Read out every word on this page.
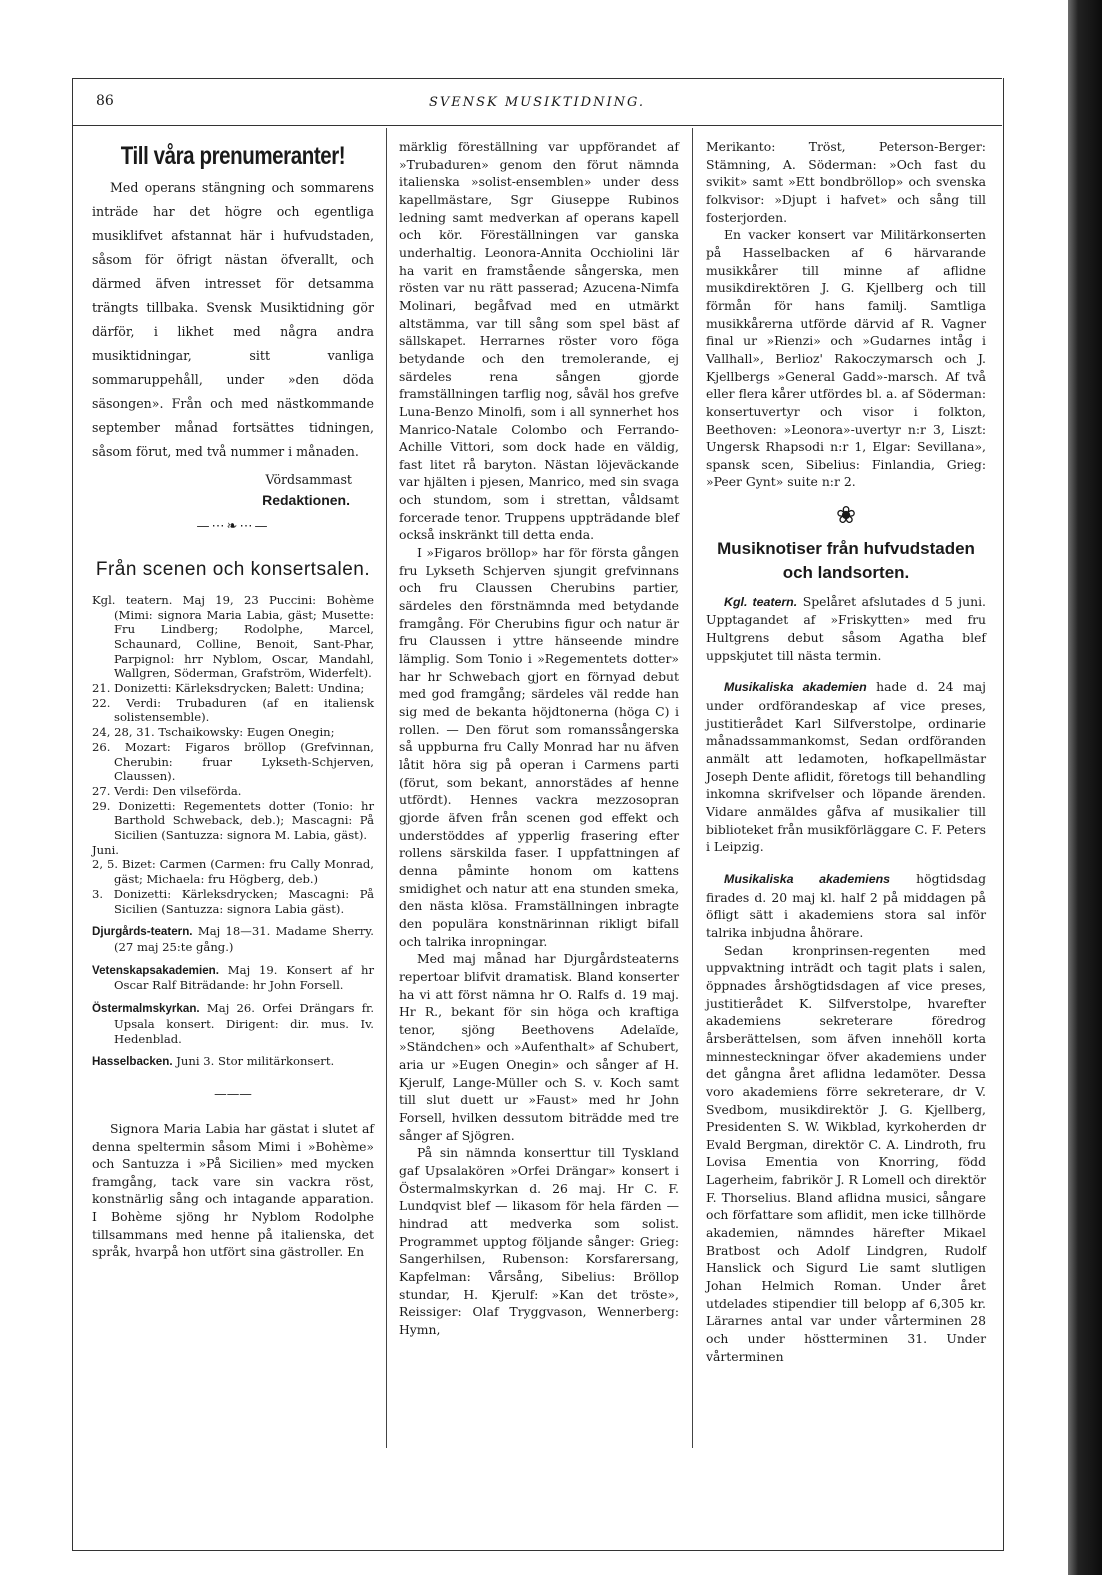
86	SVENSK MUSIKTIDNING.
Till våra prenumeranter!

Med operans stängning och sommarens inträde har det högre och egentliga musiklifvet afstannat här i hufvudstaden, såsom för öfrigt nästan öfverallt, och därmed äfven intresset för detsamma trängts tillbaka. Svensk Musiktidning gör därför, i likhet med några andra musiktidningar, sitt vanliga sommaruppehåll, under »den döda säsongen». Från och med nästkommande september månad fortsättes tidningen, såsom förut, med två nummer i månaden.

Vördsammast

Redaktionen.

—⋯❧⋯—
Från scenen och konsertsalen.

Kgl. teatern. Maj 19, 23 Puccini: Bohème (Mimi: signora Maria Labia, gäst; Musette: Fru Lindberg; Rodolphe, Marcel, Schaunard, Colline, Benoit, Sant-Phar, Parpignol: hrr Nyblom, Oscar, Mandahl, Wallgren, Söderman, Grafström, Widerfelt).

21. Donizetti: Kärleksdrycken; Balett: Undina;

22. Verdi: Trubaduren (af en italiensk solistensemble).

24, 28, 31. Tschaikowsky: Eugen Onegin;

26. Mozart: Figaros bröllop (Grefvinnan, Cherubin: fruar Lykseth-Schjerven, Claussen).

27. Verdi: Den vilseförda.

29. Donizetti: Regementets dotter (Tonio: hr Barthold Schweback, deb.); Mascagni: På Sicilien (Santuzza: signora M. Labia, gäst).

Juni.

2, 5. Bizet: Carmen (Carmen: fru Cally Monrad, gäst; Michaela: fru Högberg, deb.)

3. Donizetti: Kärleksdrycken; Mascagni: På Sicilien (Santuzza: signora Labia gäst).

Djurgårds-teatern. Maj 18—31. Madame Sherry. (27 maj 25:te gång.)

Vetenskapsakademien. Maj 19. Konsert af hr Oscar Ralf Biträdande: hr John Forsell.

Östermalmskyrkan. Maj 26. Orfei Drängars fr. Upsala konsert. Dirigent: dir. mus. Iv. Hedenblad.

Hasselbacken. Juni 3. Stor militärkonsert.

———

Signora Maria Labia har gästat i slutet af denna speltermin såsom Mimi i »Bohème» och Santuzza i »På Sicilien» med mycken framgång, tack vare sin vackra röst, konstnärlig sång och intagande apparation. I Bohème sjöng hr Nyblom Rodolphe tillsammans med henne på italienska, det språk, hvarpå hon utfört sina gästroller. En

märklig föreställning var uppförandet af »Trubaduren» genom den förut nämnda italienska »solist-ensemblen» under dess kapellmästare, Sgr Giuseppe Rubinos ledning samt medverkan af operans kapell och kör. Föreställningen var ganska underhaltig. Leonora-Annita Occhiolini lär ha varit en framstående sångerska, men rösten var nu rätt passerad; Azucena-Nimfa Molinari, begåfvad med en utmärkt altstämma, var till sång som spel bäst af sällskapet. Herrarnes röster voro föga betydande och den tremolerande, ej särdeles rena sången gjorde framställningen tarflig nog, såväl hos grefve Luna-Benzo Minolfi, som i all synnerhet hos Manrico-Natale Colombo och Ferrando-Achille Vittori, som dock hade en väldig, fast litet rå baryton. Nästan löjeväckande var hjälten i pjesen, Manrico, med sin svaga och stundom, som i strettan, våldsamt forcerade tenor. Truppens uppträdande blef också inskränkt till detta enda.

I »Figaros bröllop» har för första gången fru Lykseth Schjerven sjungit grefvinnans och fru Claussen Cherubins partier, särdeles den förstnämnda med betydande framgång. För Cherubins figur och natur är fru Claussen i yttre hänseende mindre lämplig. Som Tonio i »Regementets dotter» har hr Schwebach gjort en förnyad debut med god framgång; särdeles väl redde han sig med de bekanta höjdtonerna (höga C) i rollen. — Den förut som romanssångerska så uppburna fru Cally Monrad har nu äfven låtit höra sig på operan i Carmens parti (förut, som bekant, annorstädes af henne utfördt). Hennes vackra mezzosopran gjorde äfven från scenen god effekt och understöddes af ypperlig frasering efter rollens särskilda faser. I uppfattningen af denna påminte honom om kattens smidighet och natur att ena stunden smeka, den nästa klösa. Framställningen inbragte den populära konstnärinnan rikligt bifall och talrika inropningar.

Med maj månad har Djurgårdsteaterns repertoar blifvit dramatisk. Bland konserter ha vi att först nämna hr O. Ralfs d. 19 maj. Hr R., bekant för sin höga och kraftiga tenor, sjöng Beethovens Adelaïde, »Ständchen» och »Aufenthalt» af Schubert, aria ur »Eugen Onegin» och sånger af H. Kjerulf, Lange-Müller och S. v. Koch samt till slut duett ur »Faust» med hr John Forsell, hvilken dessutom biträdde med tre sånger af Sjögren.

På sin nämnda konserttur till Tyskland gaf Upsalakören »Orfei Drängar» konsert i Östermalmskyrkan d. 26 maj. Hr C. F. Lundqvist blef — likasom för hela färden — hindrad att medverka som solist. Programmet upptog följande sånger: Grieg: Sangerhilsen, Rubenson: Korsfarersang, Kapfelman: Vårsång, Sibelius: Bröllop stundar, H. Kjerulf: »Kan det tröste», Reissiger: Olaf Tryggvason, Wennerberg: Hymn,

Merikanto: Tröst, Peterson-Berger: Stämning, A. Söderman: »Och fast du svikit» samt »Ett bondbröllop» och svenska folkvisor: »Djupt i hafvet» och sång till fosterjorden.

En vacker konsert var Militärkonserten på Hasselbacken af 6 härvarande musikkårer till minne af aflidne musikdirektören J. G. Kjellberg och till förmån för hans familj. Samtliga musikkårerna utförde därvid af R. Vagner final ur »Rienzi» och »Gudarnes intåg i Vallhall», Berlioz' Rakoczymarsch och J. Kjellbergs »General Gadd»-marsch. Af två eller flera kårer utfördes bl. a. af Söderman: konsertuvertyr och visor i folkton, Beethoven: »Leonora»-uvertyr n:r 3, Liszt: Ungersk Rhapsodi n:r 1, Elgar: Sevillana», spansk scen, Sibelius: Finlandia, Grieg: »Peer Gynt» suite n:r 2.

❀
Musiknotiser från hufvudstaden och landsorten.

Kgl. teatern. Spelåret afslutades d 5 juni. Upptagandet af »Friskytten» med fru Hultgrens debut såsom Agatha blef uppskjutet till nästa termin.

Musikaliska akademien hade d. 24 maj under ordförandeskap af vice preses, justitierådet Karl Silfverstolpe, ordinarie månadssammankomst, Sedan ordföranden anmält att ledamoten, hofkapellmästar Joseph Dente aflidit, företogs till behandling inkomna skrifvelser och löpande ärenden. Vidare anmäldes gåfva af musikalier till biblioteket från musikförläggare C. F. Peters i Leipzig.

Musikaliska akademiens högtidsdag firades d. 20 maj kl. half 2 på middagen på öfligt sätt i akademiens stora sal inför talrika inbjudna åhörare.

Sedan kronprinsen-regenten med uppvaktning inträdt och tagit plats i salen, öppnades årshögtidsdagen af vice preses, justitierådet K. Silfverstolpe, hvarefter akademiens sekreterare föredrog årsberättelsen, som äfven innehöll korta minnesteckningar öfver akademiens under det gångna året aflidna ledamöter. Dessa voro akademiens förre sekreterare, dr V. Svedbom, musikdirektör J. G. Kjellberg, Presidenten S. W. Wikblad, kyrkoherden dr Evald Bergman, direktör C. A. Lindroth, fru Lovisa Ementia von Knorring, född Lagerheim, fabrikör J. R Lomell och direktör F. Thorselius. Bland aflidna musici, sångare och författare som aflidit, men icke tillhörde akademien, nämndes härefter Mikael Bratbost och Adolf Lindgren, Rudolf Hanslick och Sigurd Lie samt slutligen Johan Helmich Roman. Under året utdelades stipendier till belopp af 6,305 kr. Lärarnes antal var under vårterminen 28 och under höstterminen 31. Under vårterminen
